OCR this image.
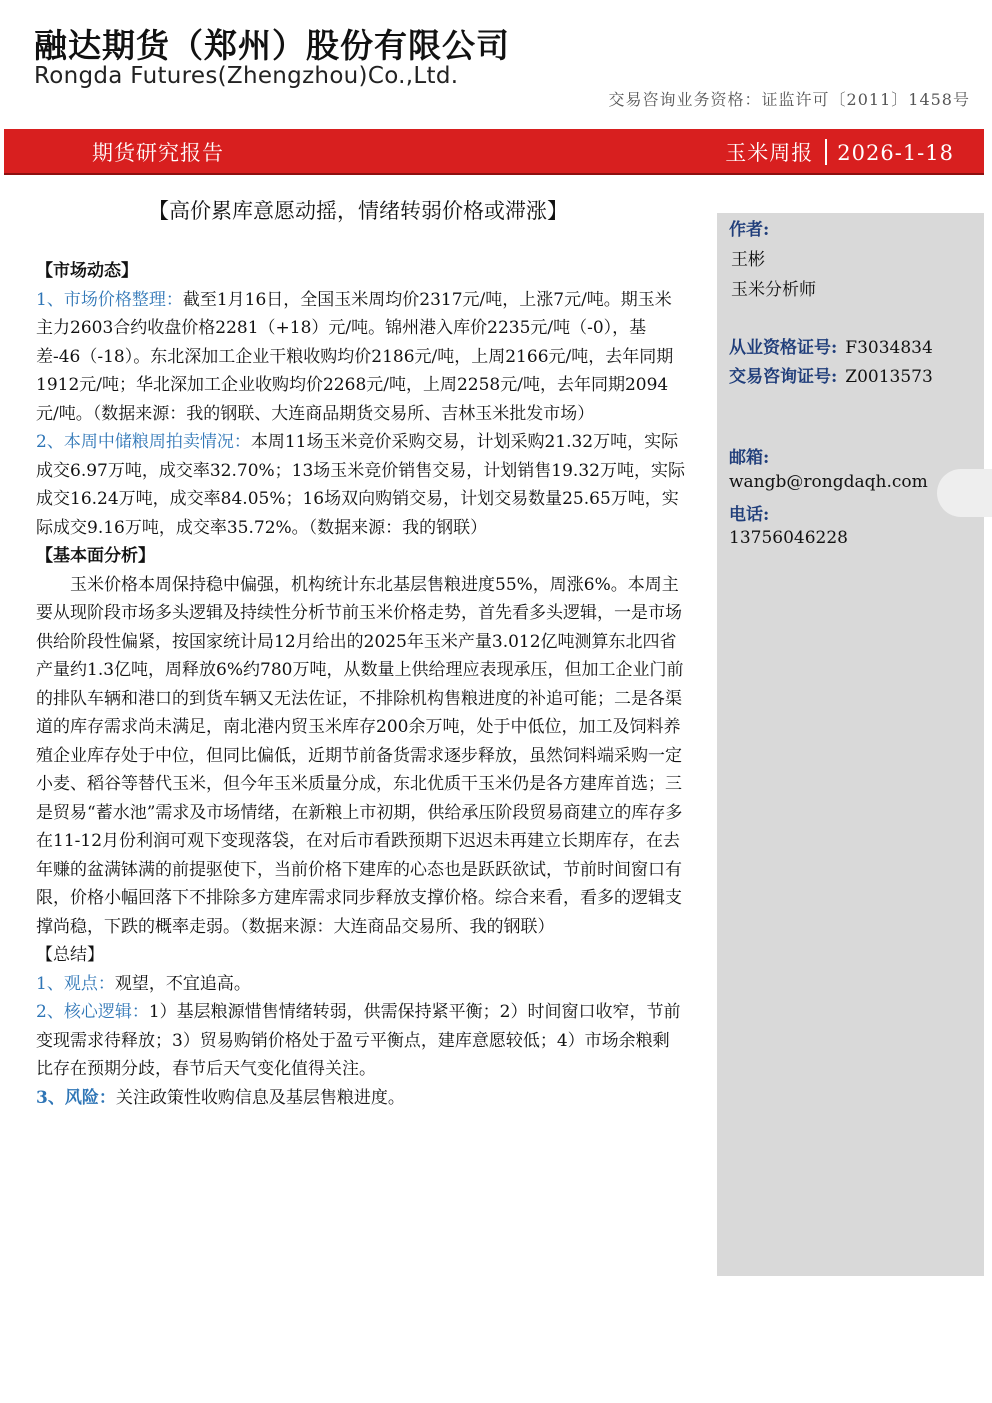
融达期货（郑州）股份有限公司
Rongda Futures(Zhengzhou)Co.,Ltd.
交易咨询业务资格：证监许可〔2011〕1458号
期货研究报告	玉米周报 2026-1-18
【高价累库意愿动摇，情绪转弱价格或滞涨】
作者:
王彬
玉米分析师
从业资格证号: F3034834
交易咨询证号: Z0013573
邮箱:
wangb@rongdaqh.com
电话:
13756046228

【市场动态】

1、市场价格整理：截至1月16日，全国玉米周均价2317元/吨，上涨7元/吨。期玉米主力2603合约收盘价格2281（+18）元/吨。锦州港入库价2235元/吨（-0），基差-46（-18）。东北深加工企业干粮收购均价2186元/吨，上周2166元/吨，去年同期1912元/吨；华北深加工企业收购均价2268元/吨，上周2258元/吨，去年同期2094元/吨。（数据来源：我的钢联、大连商品期货交易所、吉林玉米批发市场）

2、本周中储粮周拍卖情况：本周11场玉米竞价采购交易，计划采购21.32万吨，实际成交6.97万吨，成交率32.70%；13场玉米竞价销售交易，计划销售19.32万吨，实际成交16.24万吨，成交率84.05%；16场双向购销交易，计划交易数量25.65万吨，实际成交9.16万吨，成交率35.72%。（数据来源：我的钢联）

【基本面分析】

玉米价格本周保持稳中偏强，机构统计东北基层售粮进度55%，周涨6%。本周主要从现阶段市场多头逻辑及持续性分析节前玉米价格走势，首先看多头逻辑，一是市场供给阶段性偏紧，按国家统计局12月给出的2025年玉米产量3.012亿吨测算东北四省产量约1.3亿吨，周释放6%约780万吨，从数量上供给理应表现承压，但加工企业门前的排队车辆和港口的到货车辆又无法佐证，不排除机构售粮进度的补追可能；二是各渠道的库存需求尚未满足，南北港内贸玉米库存200余万吨，处于中低位，加工及饲料养殖企业库存处于中位，但同比偏低，近期节前备货需求逐步释放，虽然饲料端采购一定小麦、稻谷等替代玉米，但今年玉米质量分成，东北优质干玉米仍是各方建库首选；三是贸易“蓄水池”需求及市场情绪，在新粮上市初期，供给承压阶段贸易商建立的库存多在11-12月份利润可观下变现落袋，在对后市看跌预期下迟迟未再建立长期库存，在去年赚的盆满钵满的前提驱使下，当前价格下建库的心态也是跃跃欲试，节前时间窗口有限，价格小幅回落下不排除多方建库需求同步释放支撑价格。综合来看，看多的逻辑支撑尚稳，下跌的概率走弱。（数据来源：大连商品交易所、我的钢联）

【总结】

1、观点：观望，不宜追高。

2、核心逻辑：1）基层粮源惜售情绪转弱，供需保持紧平衡；2）时间窗口收窄，节前变现需求待释放；3）贸易购销价格处于盈亏平衡点，建库意愿较低；4）市场余粮剩比存在预期分歧，春节后天气变化值得关注。

3、风险：关注政策性收购信息及基层售粮进度。
